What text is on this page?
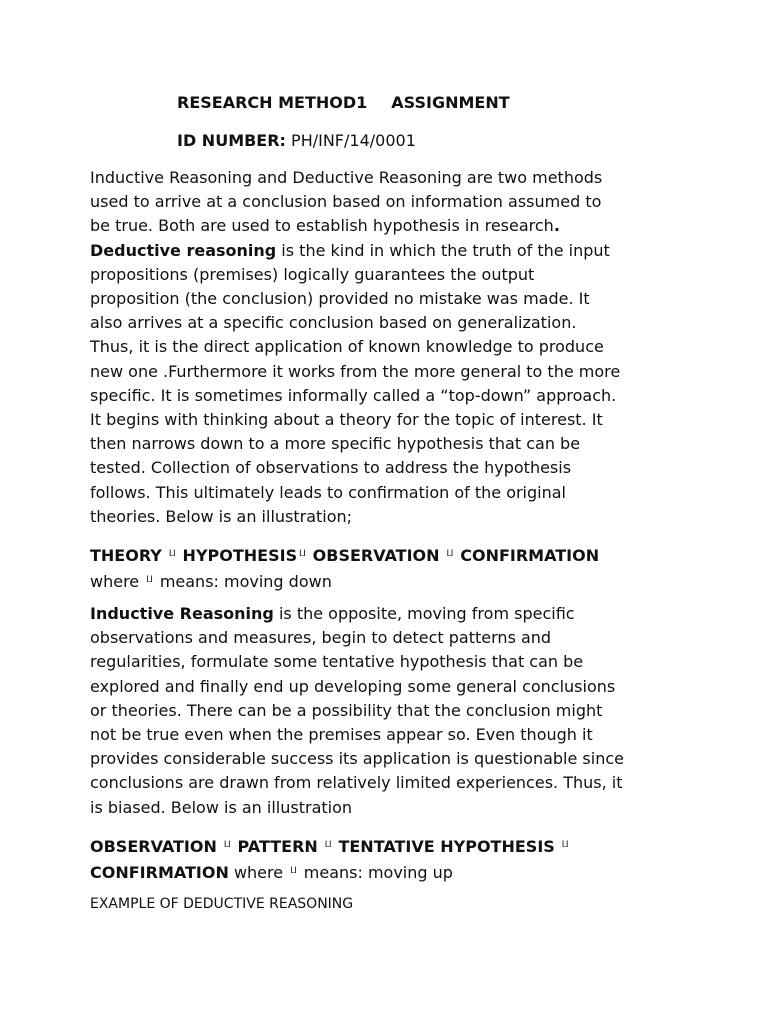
RESEARCH METHOD1 ASSIGNMENT
ID NUMBER: PH/INF/14/0001
Inductive Reasoning and Deductive Reasoning are two methods
used to arrive at a conclusion based on information assumed to
be true. Both are used to establish hypothesis in research.
Deductive reasoning is the kind in which the truth of the input
propositions (premises) logically guarantees the output
proposition (the conclusion) provided no mistake was made. It
also arrives at a specific conclusion based on generalization.
Thus, it is the direct application of known knowledge to produce
new one .Furthermore it works from the more general to the more
specific. It is sometimes informally called a “top-down” approach.
It begins with thinking about a theory for the topic of interest. It
then narrows down to a more specific hypothesis that can be
tested. Collection of observations to address the hypothesis
follows. This ultimately leads to confirmation of the original
theories. Below is an illustration;
THEORY ⨿ HYPOTHESIS ⨿ OBSERVATION ⨿ CONFIRMATION
where ⨿ means: moving down
Inductive Reasoning is the opposite, moving from specific
observations and measures, begin to detect patterns and
regularities, formulate some tentative hypothesis that can be
explored and finally end up developing some general conclusions
or theories. There can be a possibility that the conclusion might
not be true even when the premises appear so. Even though it
provides considerable success its application is questionable since
conclusions are drawn from relatively limited experiences. Thus, it
is biased. Below is an illustration
OBSERVATION ⨿ PATTERN ⨿ TENTATIVE HYPOTHESIS ⨿
CONFIRMATION where ⨿ means: moving up
EXAMPLE OF DEDUCTIVE REASONING
